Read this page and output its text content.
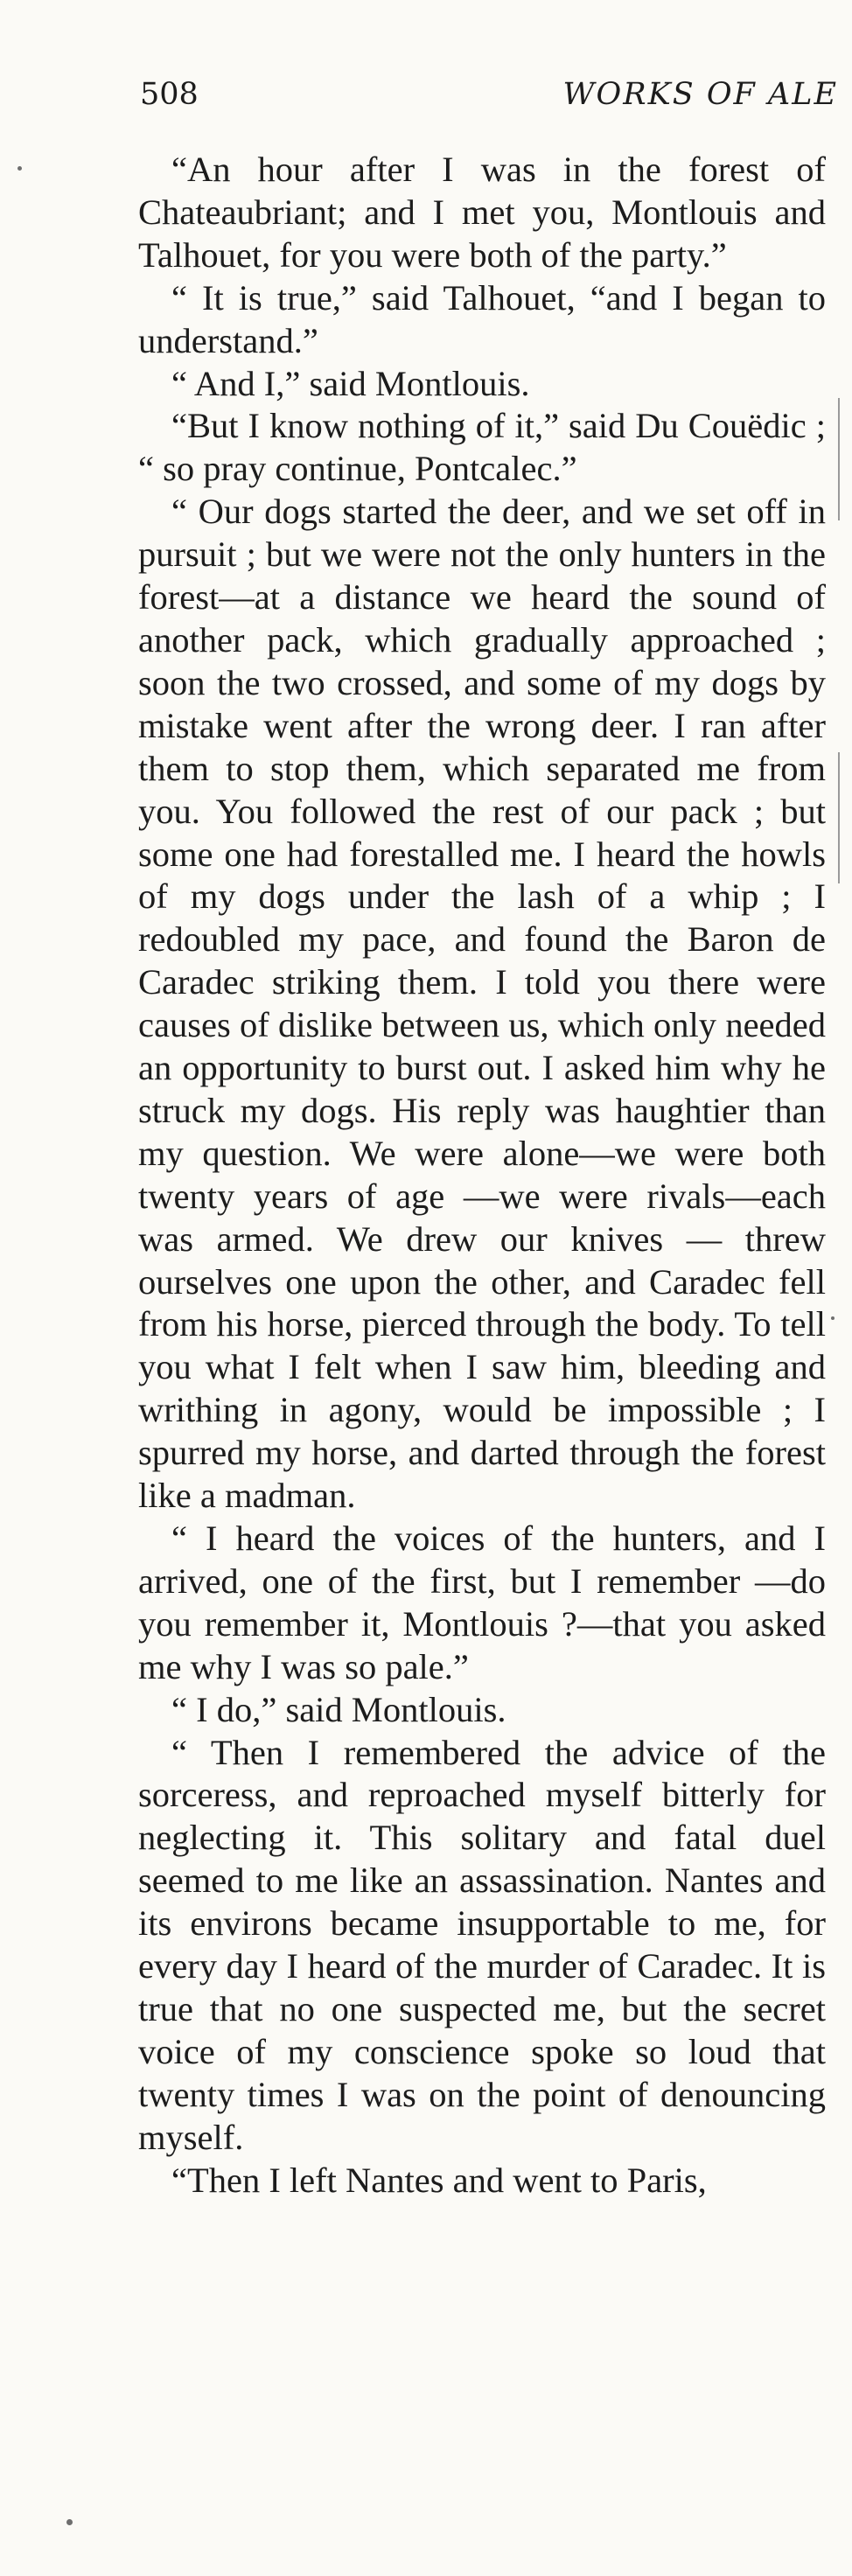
508	WORKS OF ALE

“An hour after I was in the forest of Chateaubriant; and I met you, Montlouis and Talhouet, for you were both of the party.”

“ It is true,” said Talhouet, “and I began to understand.”

“ And I,” said Montlouis.

“But I know nothing of it,” said Du Couëdic ; “ so pray continue, Pontcalec.”

“ Our dogs started the deer, and we set off in pursuit ; but we were not the only hunters in the forest—at a distance we heard the sound of another pack, which gradually approached ; soon the two crossed, and some of my dogs by mistake went after the wrong deer. I ran after them to stop them, which separated me from you. You followed the rest of our pack ; but some one had forestalled me. I heard the howls of my dogs under the lash of a whip ; I redoubled my pace, and found the Baron de Caradec striking them. I told you there were causes of dislike between us, which only needed an opportunity to burst out. I asked him why he struck my dogs. His reply was haughtier than my question. We were alone—we were both twenty years of age —we were rivals—each was armed. We drew our knives — threw ourselves one upon the other, and Caradec fell from his horse, pierced through the body. To tell you what I felt when I saw him, bleeding and writhing in agony, would be impossible ; I spurred my horse, and darted through the forest like a madman.

“ I heard the voices of the hunters, and I arrived, one of the first, but I remember —do you remember it, Montlouis ?—that you asked me why I was so pale.”

“ I do,” said Montlouis.

“ Then I remembered the advice of the sorceress, and reproached myself bitterly for neglecting it. This solitary and fatal duel seemed to me like an assassination. Nantes and its environs became insupportable to me, for every day I heard of the murder of Caradec. It is true that no one suspected me, but the secret voice of my conscience spoke so loud that twenty times I was on the point of denouncing myself.

“Then I left Nantes and went to Paris,
